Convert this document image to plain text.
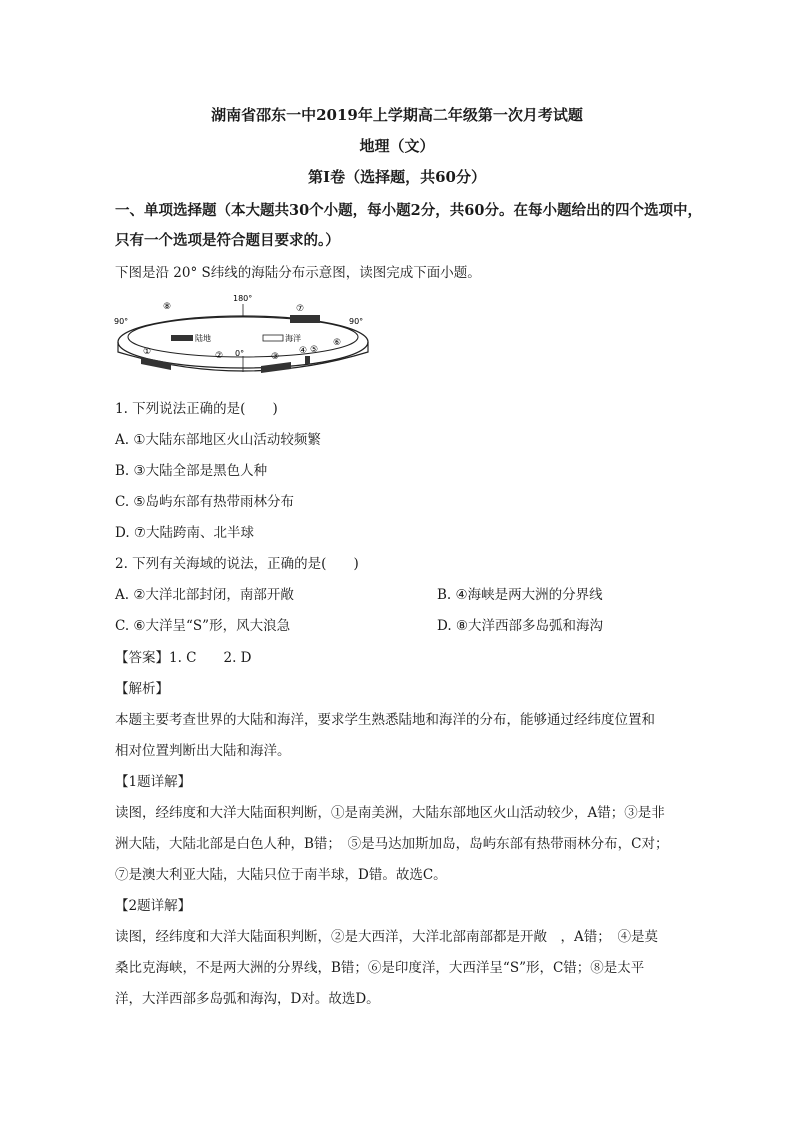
湖南省邵东一中2019年上学期高二年级第一次月考试题
地理（文）
第Ⅰ卷（选择题，共60分）
一、单项选择题（本大题共30个小题，每小题2分，共60分。在每小题给出的四个选项中，
只有一个选项是符合题目要求的。）
下图是沿 20° S纬线的海陆分布示意图，读图完成下面小题。
180°
90°	90°
0°
陆地	海洋
⑧	⑦
①	②	③
④ ⑤
⑥
1. 下列说法正确的是(　　)
A. ①大陆东部地区火山活动较频繁
B. ③大陆全部是黑色人种
C. ⑤岛屿东部有热带雨林分布
D. ⑦大陆跨南、北半球
2. 下列有关海域的说法，正确的是(　　)
A. ②大洋北部封闭，南部开敞	B. ④海峡是两大洲的分界线
C. ⑥大洋呈“S”形，风大浪急	D. ⑧大洋西部多岛弧和海沟
【答案】1. C　　2. D
【解析】
本题主要考查世界的大陆和海洋，要求学生熟悉陆地和海洋的分布，能够通过经纬度位置和
相对位置判断出大陆和海洋。
【1题详解】
读图，经纬度和大洋大陆面积判断，①是南美洲，大陆东部地区火山活动较少，A错；③是非
洲大陆，大陆北部是白色人种，B错；　⑤是马达加斯加岛，岛屿东部有热带雨林分布，C对；
⑦是澳大利亚大陆，大陆只位于南半球，D错。故选C。
【2题详解】
读图，经纬度和大洋大陆面积判断，②是大西洋，大洋北部南部都是开敞　，A错；　④是莫
桑比克海峡，不是两大洲的分界线，B错；⑥是印度洋，大西洋呈“S”形，C错；⑧是太平
洋，大洋西部多岛弧和海沟，D对。故选D。
